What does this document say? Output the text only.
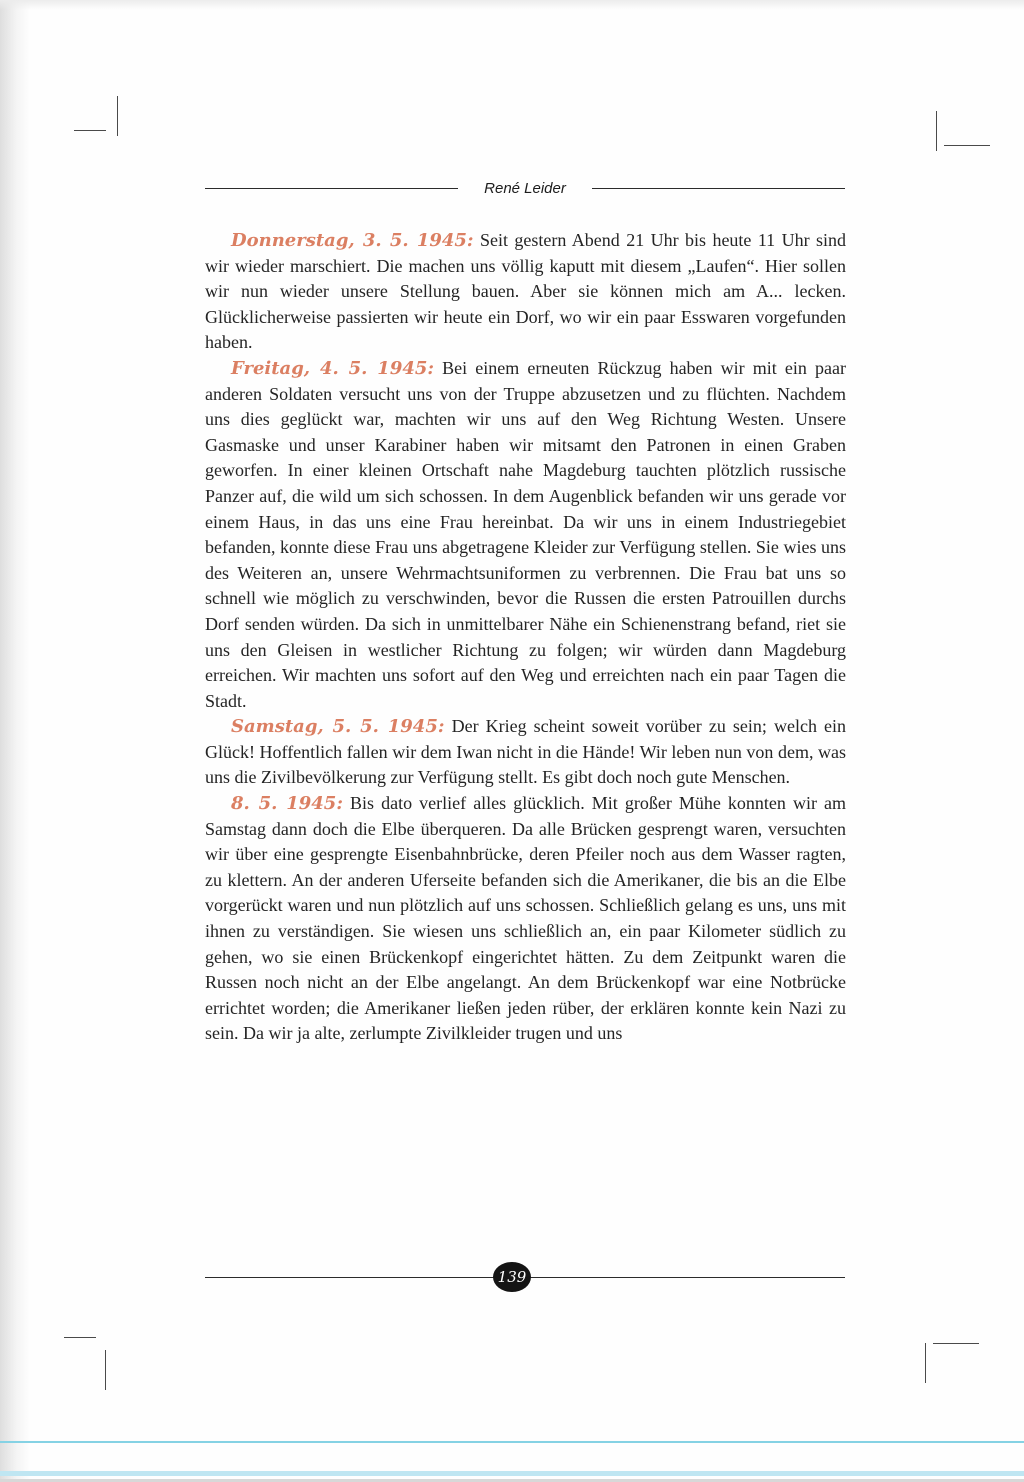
René Leider

Donnerstag, 3. 5. 1945: Seit gestern Abend 21 Uhr bis heute 11 Uhr sind wir wieder marschiert. Die machen uns völlig kaputt mit diesem „Laufen“. Hier sollen wir nun wieder unsere Stellung bauen. Aber sie können mich am A... lecken. Glücklicherweise passierten wir heute ein Dorf, wo wir ein paar Esswaren vorgefunden haben.

Freitag, 4. 5. 1945: Bei einem erneuten Rückzug haben wir mit ein paar anderen Soldaten versucht uns von der Truppe abzusetzen und zu flüchten. Nachdem uns dies geglückt war, machten wir uns auf den Weg Richtung Westen. Unsere Gasmaske und unser Karabiner haben wir mitsamt den Patronen in einen Graben geworfen. In einer kleinen Ortschaft nahe Magdeburg tauchten plötzlich russische Panzer auf, die wild um sich schossen. In dem Augenblick befanden wir uns gerade vor einem Haus, in das uns eine Frau hereinbat. Da wir uns in einem Industriegebiet befanden, konnte diese Frau uns abgetragene Kleider zur Verfügung stellen. Sie wies uns des Weiteren an, unsere Wehrmachtsuniformen zu verbrennen. Die Frau bat uns so schnell wie möglich zu verschwinden, bevor die Russen die ersten Patrouillen durchs Dorf senden würden. Da sich in unmittelbarer Nähe ein Schienenstrang befand, riet sie uns den Gleisen in westlicher Richtung zu folgen; wir würden dann Magdeburg erreichen. Wir machten uns sofort auf den Weg und erreichten nach ein paar Tagen die Stadt.

Samstag, 5. 5. 1945: Der Krieg scheint soweit vorüber zu sein; welch ein Glück! Hoffentlich fallen wir dem Iwan nicht in die Hände! Wir leben nun von dem, was uns die Zivilbevölkerung zur Verfügung stellt. Es gibt doch noch gute Menschen.

8. 5. 1945: Bis dato verlief alles glücklich. Mit großer Mühe konnten wir am Samstag dann doch die Elbe überqueren. Da alle Brücken gesprengt waren, versuchten wir über eine gesprengte Eisenbahnbrücke, deren Pfeiler noch aus dem Wasser ragten, zu klettern. An der anderen Uferseite befanden sich die Amerikaner, die bis an die Elbe vorgerückt waren und nun plötzlich auf uns schossen. Schließlich gelang es uns, uns mit ihnen zu verständigen. Sie wiesen uns schließlich an, ein paar Kilometer südlich zu gehen, wo sie einen Brückenkopf eingerichtet hätten. Zu dem Zeitpunkt waren die Russen noch nicht an der Elbe angelangt. An dem Brückenkopf war eine Notbrücke errichtet worden; die Amerikaner ließen jeden rüber, der erklären konnte kein Nazi zu sein. Da wir ja alte, zerlumpte Zivilkleider trugen und uns

139
